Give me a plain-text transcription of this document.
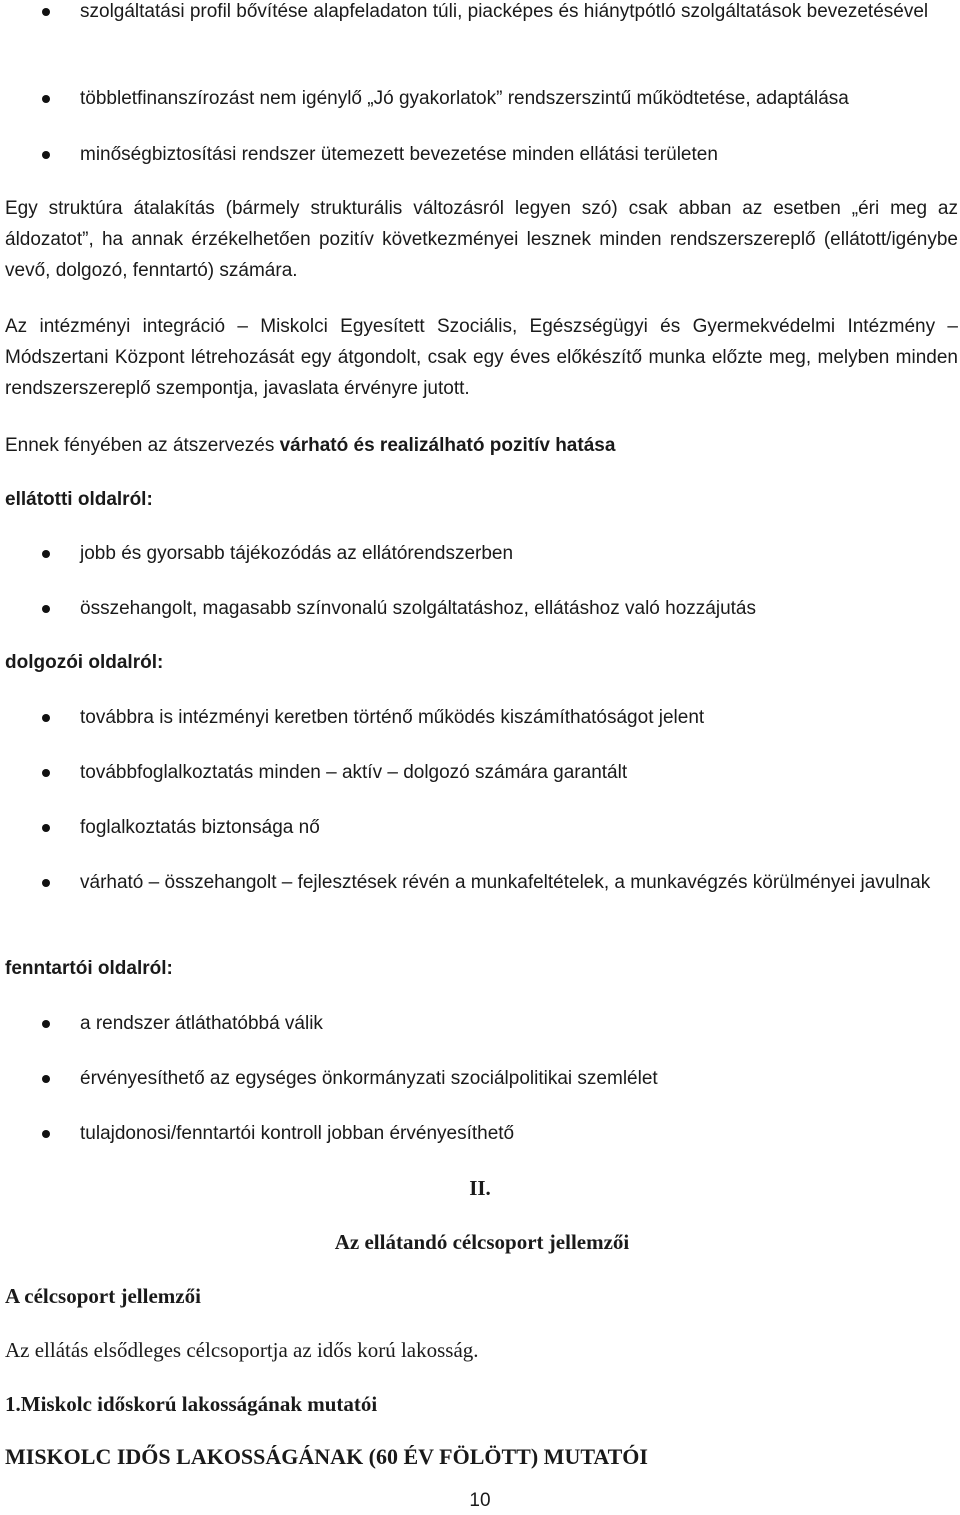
szolgáltatási profil bővítése alapfeladaton túli, piacképes és hiánytpótló szolgáltatások bevezetésével
többletfinanszírozást nem igénylő „Jó gyakorlatok” rendszerszintű működtetése, adaptálása
minőségbiztosítási rendszer ütemezett bevezetése minden ellátási területen
Egy struktúra átalakítás (bármely strukturális változásról legyen szó) csak abban az esetben „éri meg az áldozatot”, ha annak érzékelhetően pozitív következményei lesznek minden rendszerszereplő (ellátott/igénybe vevő, dolgozó, fenntartó) számára.
Az intézményi integráció – Miskolci Egyesített Szociális, Egészségügyi és Gyermekvédelmi Intézmény – Módszertani Központ létrehozását egy átgondolt, csak egy éves előkészítő munka előzte meg, melyben minden rendszerszereplő szempontja, javaslata érvényre jutott.
Ennek fényében az átszervezés várható és realizálható pozitív hatása
ellátotti oldalról:
jobb és gyorsabb tájékozódás az ellátórendszerben
összehangolt, magasabb színvonalú szolgáltatáshoz, ellátáshoz való hozzájutás
dolgozói oldalról:
továbbra is intézményi keretben történő működés kiszámíthatóságot jelent
továbbfoglalkoztatás minden – aktív – dolgozó számára garantált
foglalkoztatás biztonsága nő
várható – összehangolt – fejlesztések révén a munkafeltételek, a munkavégzés körülményei javulnak
fenntartói oldalról:
a rendszer átláthatóbbá válik
érvényesíthető az egységes önkormányzati szociálpolitikai szemlélet
tulajdonosi/fenntartói kontroll jobban érvényesíthető
II.
Az ellátandó célcsoport jellemzői
A célcsoport jellemzői
Az ellátás elsődleges célcsoportja az idős korú lakosság.
1.Miskolc időskorú lakosságának mutatói
MISKOLC IDŐS LAKOSSÁGÁNAK (60 ÉV FÖLÖTT) MUTATÓI
10
